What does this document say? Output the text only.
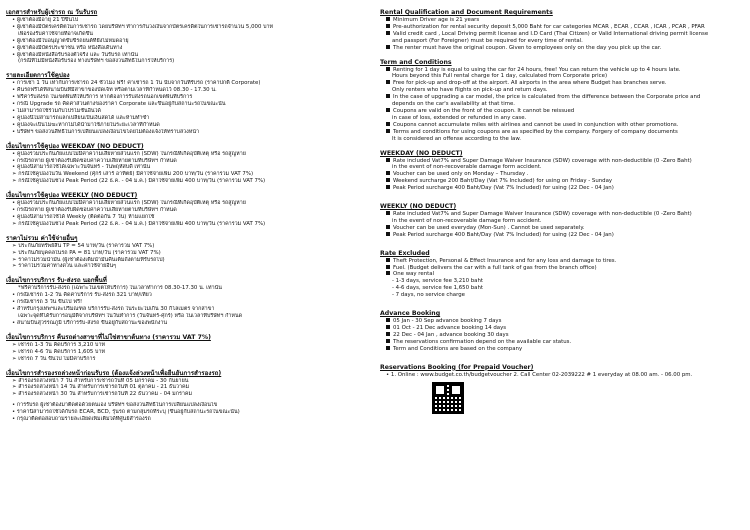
เอกสารสำหรับผู้เช่ารถ ณ วันรับรถ
• ผู้เช่าต้องมีอายุ 21 ปีขึ้นไป
• ผู้เช่าต้องมีบัตรเครดิตในการเช่ารถ โดยบริษัทฯ ทำการกันวงเงินจากบัตรเครดิตในการเช่ารถจำนวน 5,000 บาท
เพื่อรองรับค่าใช้จ่ายที่อาจเกิดขึ้น
• ผู้เช่าต้องมีใบอนุญาตขับขี่รถยนต์ที่ยังไม่หมดอายุ
• ผู้เช่าต้องมีบัตรประชาชน หรือ หนังสือเดินทาง
• ผู้เช่าต้องมีหนังสือรับรองตัวจริง และ วันรับรถ เท่านั้น
(กรณีที่ไม่มีหนังสือรับรอง ทางบริษัทฯ ขอสงวนสิทธิ์ในการให้บริการ)
รายละเอียดการใช้คูปอง
• การเช่า 1 วัน เท่ากับการเช่ารถ 24 ชั่วโมง ฟรี! ค่าเช่ารถ 1 วัน นับจากวันที่รับรถ (ราคาปกติ Corporate)
• คืนรถฟรีได้ที่สนามบินที่มีสาขาของบัดเจ็ท หรือตามเวลาที่กำหนดไว้ 08.30 - 17.30 น.
• ฟรีค่ารับส่งรถ ในเขตพื้นที่ให้บริการ หากต้องการรับส่งรถนอกเขตพื้นที่บริการ
• กรณี Upgrade รถ คิดค่าส่วนต่างของราคา Corporate และขึ้นอยู่กับสถานะรถในขณะนั้น
• ไม่สามารถใช้ร่วมกับโปรโมชั่นอื่นได้
• คูปองนี้ไม่สามารถแลกเปลี่ยนเป็นเงินสดได้ และห้ามทำซ้ำ
• คูปองจะเป็นโมฆะหากไม่ได้นำมาใช้ภายในระยะเวลาที่กำหนด
• บริษัทฯ ขอสงวนสิทธิ์ในการเปลี่ยนแปลงเงื่อนไขโดยไม่ต้องแจ้งให้ทราบล่วงหน้า
เงื่อนไขการใช้คูปอง WEEKDAY (NO DEDUCT)
• คูปองรวมประกันภัยแบบไม่มีค่าความเสียหายส่วนแรก (SDW) ในกรณีที่เกิดอุบัติเหตุ หรือ รถสูญหาย
• กรณีรถหาย ผู้เช่าต้องรับผิดชอบค่าความเสียหายตามที่บริษัทฯ กำหนด
• คูปองนี้สามารถใช้ได้เฉพาะวันจันทร์ - วันพฤหัสบดี เท่านั้น
➢ กรณีใช้คูปองในวัน Weekend (ศุกร์ เสาร์ อาทิตย์) มีค่าใช้จ่ายเพิ่ม 200 บาท/วัน (ราคารวม VAT 7%)
➢ กรณีใช้คูปองในช่วง Peak Period (22 ธ.ค. - 04 ม.ค.) มีค่าใช้จ่ายเพิ่ม 400 บาท/วัน (ราคารวม VAT 7%)
เงื่อนไขการใช้คูปอง WEEKLY (NO DEDUCT)
• คูปองรวมประกันภัยแบบไม่มีค่าความเสียหายส่วนแรก (SDW) ในกรณีที่เกิดอุบัติเหตุ หรือ รถสูญหาย
• กรณีรถหาย ผู้เช่าต้องรับผิดชอบค่าความเสียหายตามที่บริษัทฯ กำหนด
• คูปองนี้สามารถใช้ได้ Weekly (ติดต่อกัน 7 วัน) ห้ามแยกใช้
➢ กรณีใช้คูปองในช่วง Peak Period (22 ธ.ค. - 04 ม.ค.) มีค่าใช้จ่ายเพิ่ม 400 บาท/วัน (ราคารวม VAT 7%)
ราคาไม่รวม ค่าใช้จ่ายอื่นๆ
➢ ประกันภัยทรัพย์สิน TP = 54 บาท/วัน (ราคารวม VAT 7%)
➢ ประกันภัยบุคคลในรถ PA = 81 บาท/วัน (ราคารวม VAT 7%)
➢ ราคาไม่รวมน้ำมัน (ผู้เช่าต้องเติมน้ำมันคืนเต็มถังตามที่รับรถไป)
➢ ราคาไม่รวมค่าทางด่วน และค่าใช้จ่ายอื่นๆ
เงื่อนไขการบริการ รับ-ส่งรถ นอกพื้นที่
*ฟรีค่าบริการรับ-ส่งรถ (เฉพาะในเขตให้บริการ) ในเวลาทำการ 08.30-17.30 น. เท่านั้น
• กรณีเช่ารถ 1-2 วัน คิดค่าบริการ รับ-ส่งรถ 321 บาท/เที่ยว
• กรณีเช่ารถ 3 วัน ขึ้นไป ฟรี!
• สำหรับกรุงเทพฯและปริมณฑล บริการรับ-ส่งรถ ในระยะไม่เกิน 30 กิโลเมตร จากสาขา
เฉพาะจุดที่ได้รับการอนุมัติจากบริษัทฯ ในวันทำการ (วันจันทร์-ศุกร์) หรือ ในเวลาที่บริษัทฯ กำหนด
• สนามบินสุวรรณภูมิ บริการรับ-ส่งรถ ขึ้นอยู่กับสถานะของพนักงาน
เงื่อนไขการบริการ คืนรถต่างสาขาที่ไม่ใช่สาขาต้นทาง (ราคารวม VAT 7%)
➢ เช่ารถ 1-3 วัน คิดบริการ 3,210 บาท
➢ เช่ารถ 4-6 วัน คิดบริการ 1,605 บาท
➢ เช่ารถ 7 วัน ขึ้นไป ไม่มีค่าบริการ
เงื่อนไขการสำรองรถล่วงหน้าก่อนรับรถ (ต้องแจ้งล่วงหน้าเพื่อยืนยันการสำรองรถ)
➢ สำรองรถล่วงหน้า 7 วัน สำหรับการเช่ารถวันที่ 05 มกราคม - 30 กันยายน
➢ สำรองรถล่วงหน้า 14 วัน สำหรับการเช่ารถวันที่ 01 ตุลาคม - 21 ธันวาคม
➢ สำรองรถล่วงหน้า 30 วัน สำหรับการเช่ารถวันที่ 22 ธันวาคม - 04 มกราคม
• การรับรถ ผู้เช่าต้องมาติดต่อด้วยตนเอง บริษัทฯ ขอสงวนสิทธิ์ในการเปลี่ยนแปลงเงื่อนไข
• ราคานี้สามารถใช้ได้กับรถ ECAR, BCD, รุ่นรถ ตามกลุ่มรถที่ระบุ (ขึ้นอยู่กับสถานะรถในขณะนั้น)
• กรุณาติดต่อสอบถามรายละเอียดเพิ่มเติมได้ที่ศูนย์สำรองรถ
Rental Qualification and Document Requirements
Minimum Driver age is 21 years
Pre-authorization for rental security deposit 5,000 Baht for car categories MCAR , ECAR , CCAR , ICAR , PCAR , PFAR
Valid credit card , Local Driving permit license and I.D Card (Thai Citizen) or Valid International driving permit license
and passport (For Foreigner) must be required for every time of rental.
The renter must have the original coupon. Given to employees only on the day you pick up the car.
Term and Conditions
Renting for 1 day is equal to using the car for 24 hours, free! You can return the vehicle up to 4 hours late.
Hours beyond this Full rental charge for 1 day, calculated from Corporate price)
Free for pick-up and drop-off at the airport. All airports in the area where Budget has branches serve.
Only renters who have flights on pick-up and return days.
In the case of upgrading a car model, the price is calculated from the difference between the Corporate price and
depends on the car's availability at that time.
Coupons are valid on the front of the coupon. It cannot be reissued
in case of loss, extended or refunded in any case.
Coupons cannot accumulate miles with airlines and cannot be used in conjunction with other promotions.
Terms and conditions for using coupons are as specified by the company. Forgery of company documents
It is considered an offense according to the law.
WEEKDAY (NO DEDUCT)
Rate included Vat7% and Super Damage Waiver Insurance (SDW) coverage with non-deductible (0 -Zero Baht)
in the event of non-recoverable damage form accident.
Voucher can be used only on Monday – Thursday .
Weekend surcharge 200 Baht/Day (Vat 7% Included) for using on Friday - Sunday
Peak Period surcharge 400 Baht/Day (Vat 7% Included) for using (22 Dec - 04 Jan)
WEEKLY (NO DEDUCT)
Rate included Vat7% and Super Damage Waiver Insurance (SDW) coverage with non-deductible (0 -Zero Baht)
in the event of non-recoverable damage form accident.
Voucher can be used everyday (Mon-Sun) . Cannot be used separately.
Peak Period surcharge 400 Baht/Day (Vat 7% Included) for using (22 Dec - 04 Jan)
Rate Excluded
Theft Protection, Personal & Effect Insurance and for any loss and damage to tires.
Fuel. (Budget delivers the car with a full tank of gas from the branch office)
One way rental
- 1-3 days, service fee 3,210 baht
- 4-6 days, service fee 1,650 baht
- 7 days, no service charge
Advance Booking
05 Jan - 30 Sep advance booking 7 days
01 Oct - 21 Dec advance booking 14 days
22 Dec - 04 Jan , advance booking 30 days
The reservations confirmation depend on the available car status.
Term and Conditions are based on the company
Reservations Booking (for Prepaid Voucher)
• 1. Online : www.budget.co.th/budgetvoucher 2. Call Center 02-2039222 # 1 everyday at 08.00 am. - 06.00 pm.
